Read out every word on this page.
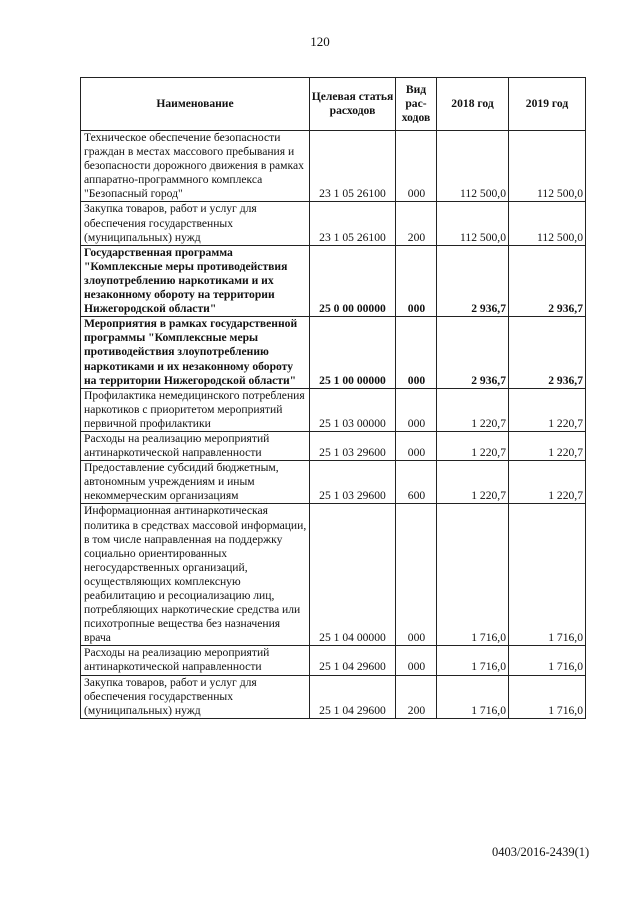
120
Наименование	Целевая статья расходов	Вид рас- ходов	2018 год	2019 год
Техническое обеспечение безопасности граждан в местах массового пребывания и безопасности дорожного движения в рамках аппаратно-программного комплекса "Безопасный город"	23 1 05 26100	000	112 500,0	112 500,0
Закупка товаров, работ и услуг для обеспечения государственных (муниципальных) нужд	23 1 05 26100	200	112 500,0	112 500,0
Государственная программа "Комплексные меры противодействия злоупотреблению наркотиками и их незаконному обороту на территории Нижегородской области"	25 0 00 00000	000	2 936,7	2 936,7
Мероприятия в рамках государственной программы "Комплексные меры противодействия злоупотреблению наркотиками и их незаконному обороту на территории Нижегородской области"	25 1 00 00000	000	2 936,7	2 936,7
Профилактика немедицинского потребления наркотиков с приоритетом мероприятий первичной профилактики	25 1 03 00000	000	1 220,7	1 220,7
Расходы на реализацию мероприятий антинаркотической направленности	25 1 03 29600	000	1 220,7	1 220,7
Предоставление субсидий бюджетным, автономным учреждениям и иным некоммерческим организациям	25 1 03 29600	600	1 220,7	1 220,7
Информационная антинаркотическая политика в средствах массовой информации, в том числе направленная на поддержку социально ориентированных негосударственных организаций, осуществляющих комплексную реабилитацию и ресоциализацию лиц, потребляющих наркотические средства или психотропные вещества без назначения врача	25 1 04 00000	000	1 716,0	1 716,0
Расходы на реализацию мероприятий антинаркотической направленности	25 1 04 29600	000	1 716,0	1 716,0
Закупка товаров, работ и услуг для обеспечения государственных (муниципальных) нужд	25 1 04 29600	200	1 716,0	1 716,0
0403/2016-2439(1)
